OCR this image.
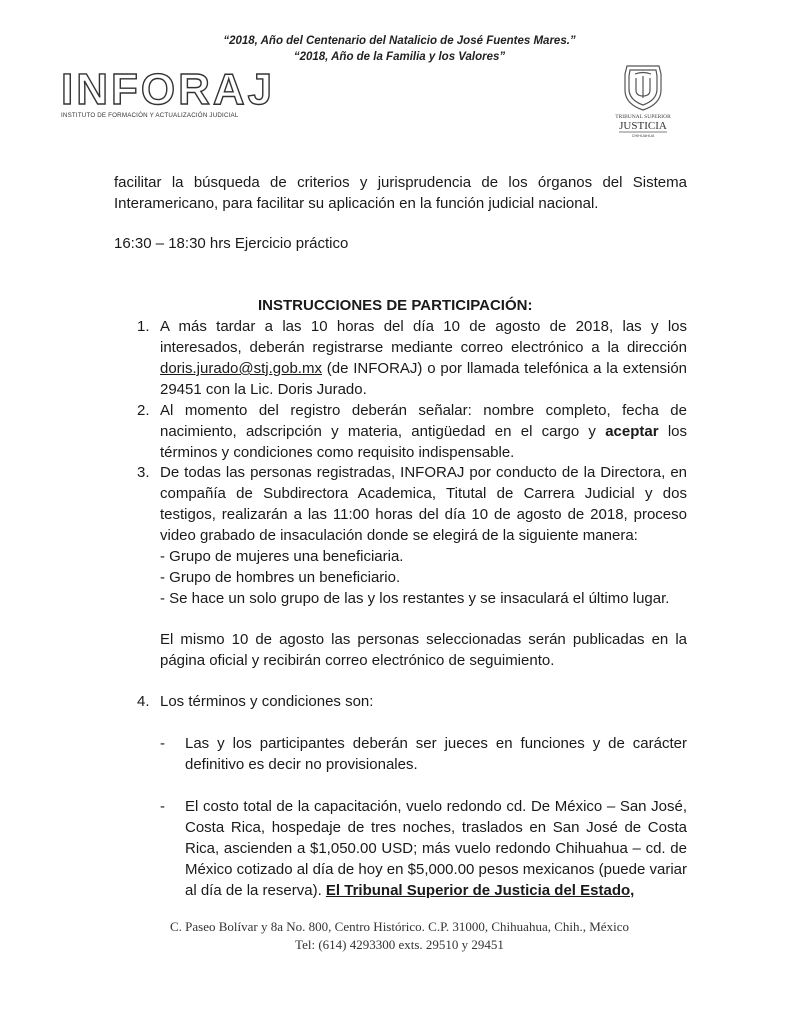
“2018, Año del Centenario del Natalicio de José Fuentes Mares.”
“2018, Año de la Familia y los Valores”
INFORAJ
INSTITUTO DE FORMACIÓN Y ACTUALIZACIÓN JUDICIAL	TRIBUNAL SUPERIOR
JUSTICIA
CHIHUAHUA
facilitar la búsqueda de criterios y jurisprudencia de los órganos del Sistema Interamericano, para facilitar su aplicación en la función judicial nacional.
16:30 – 18:30 hrs Ejercicio práctico
INSTRUCCIONES DE PARTICIPACIÓN:
1. A más tardar a las 10 horas del día 10 de agosto de 2018, las y los interesados, deberán registrarse mediante correo electrónico a la dirección doris.jurado@stj.gob.mx (de INFORAJ) o por llamada telefónica a la extensión 29451 con la Lic. Doris Jurado.
2. Al momento del registro deberán señalar: nombre completo, fecha de nacimiento, adscripción y materia, antigüedad en el cargo y aceptar los términos y condiciones como requisito indispensable.
3. De todas las personas registradas, INFORAJ por conducto de la Directora, en compañía de Subdirectora Academica, Titutal de Carrera Judicial y dos testigos, realizarán a las 11:00 horas del día 10 de agosto de 2018, proceso video grabado de insaculación donde se elegirá de la siguiente manera:
- Grupo de mujeres una beneficiaria.
- Grupo de hombres un beneficiario.
- Se hace un solo grupo de las y los restantes y se insaculará el último lugar.
El mismo 10 de agosto las personas seleccionadas serán publicadas en la página oficial y recibirán correo electrónico de seguimiento.
4. Los términos y condiciones son:
- Las y los participantes deberán ser jueces en funciones y de carácter definitivo es decir no provisionales.
- El costo total de la capacitación, vuelo redondo cd. De México – San José, Costa Rica, hospedaje de tres noches, traslados en San José de Costa Rica, ascienden a $1,050.00 USD; más vuelo redondo Chihuahua – cd. de México cotizado al día de hoy en $5,000.00 pesos mexicanos (puede variar al día de la reserva). El Tribunal Superior de Justicia del Estado,
C. Paseo Bolívar y 8a No. 800, Centro Histórico. C.P. 31000, Chihuahua, Chih., México
Tel: (614) 4293300 exts. 29510 y 29451
